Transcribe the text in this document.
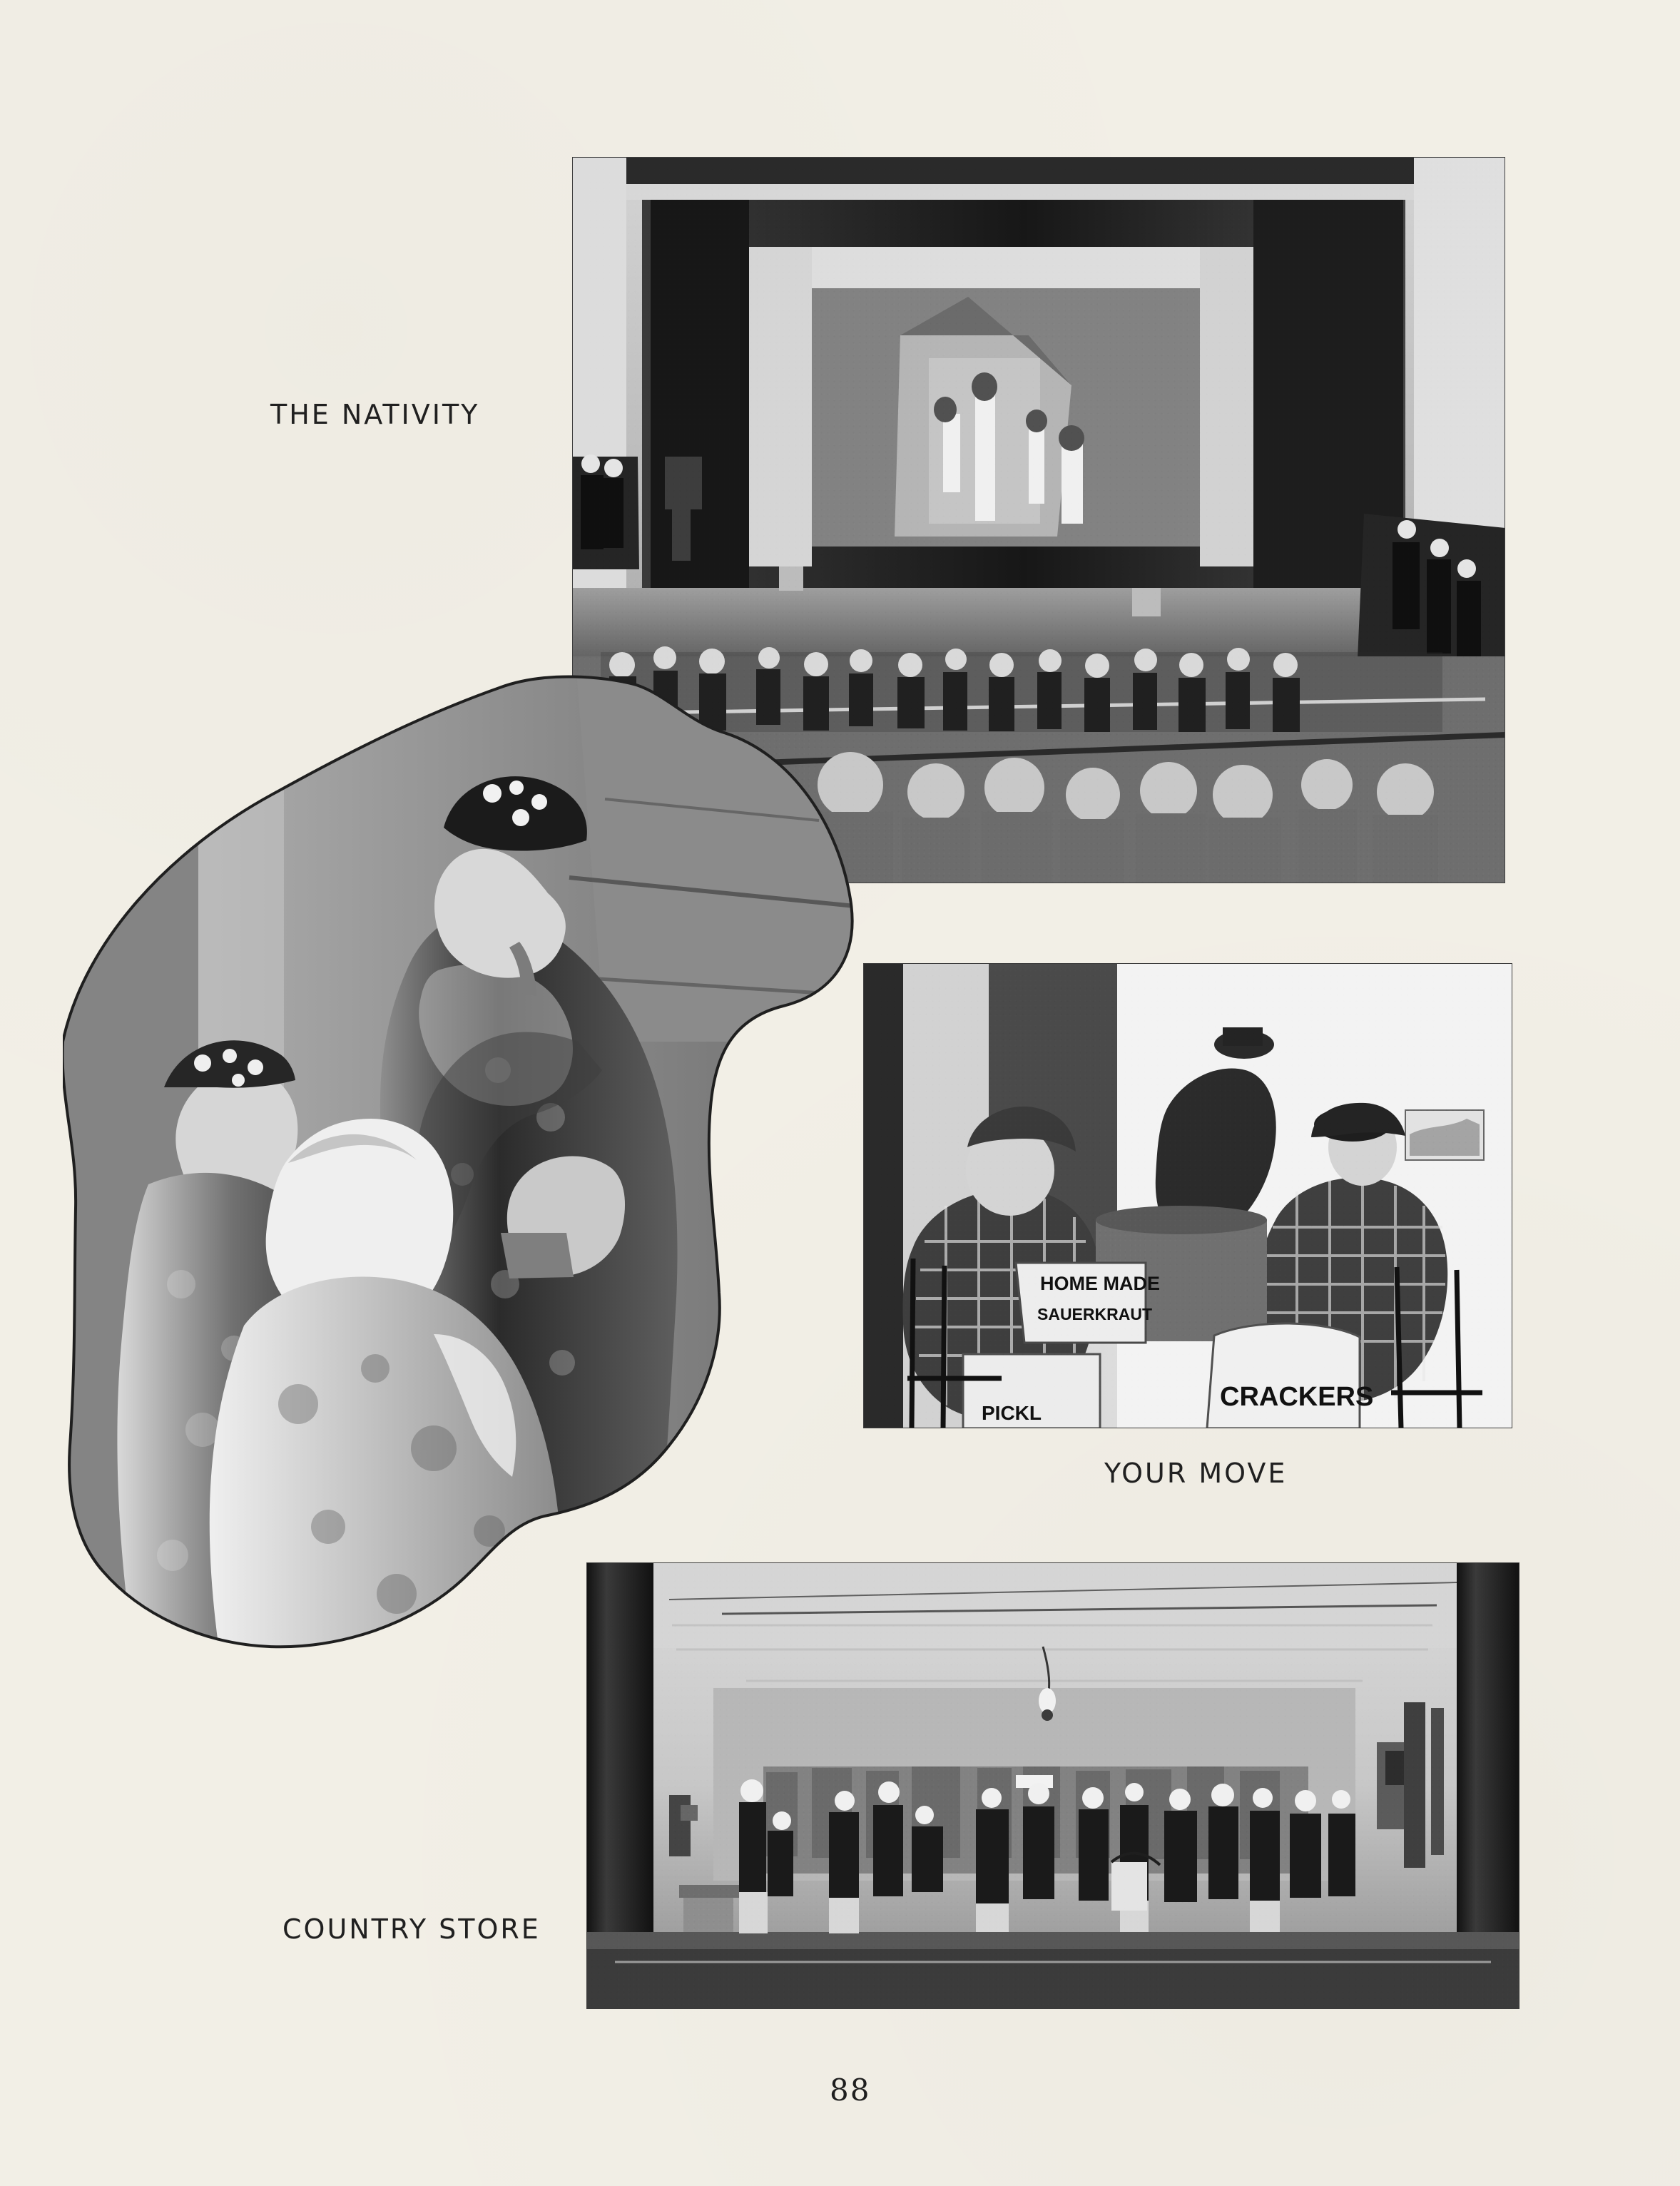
THE NATIVITY
HOME MADE
SAUERKRAUT
PICKL
CRACKERS
YOUR MOVE
COUNTRY STORE
88
